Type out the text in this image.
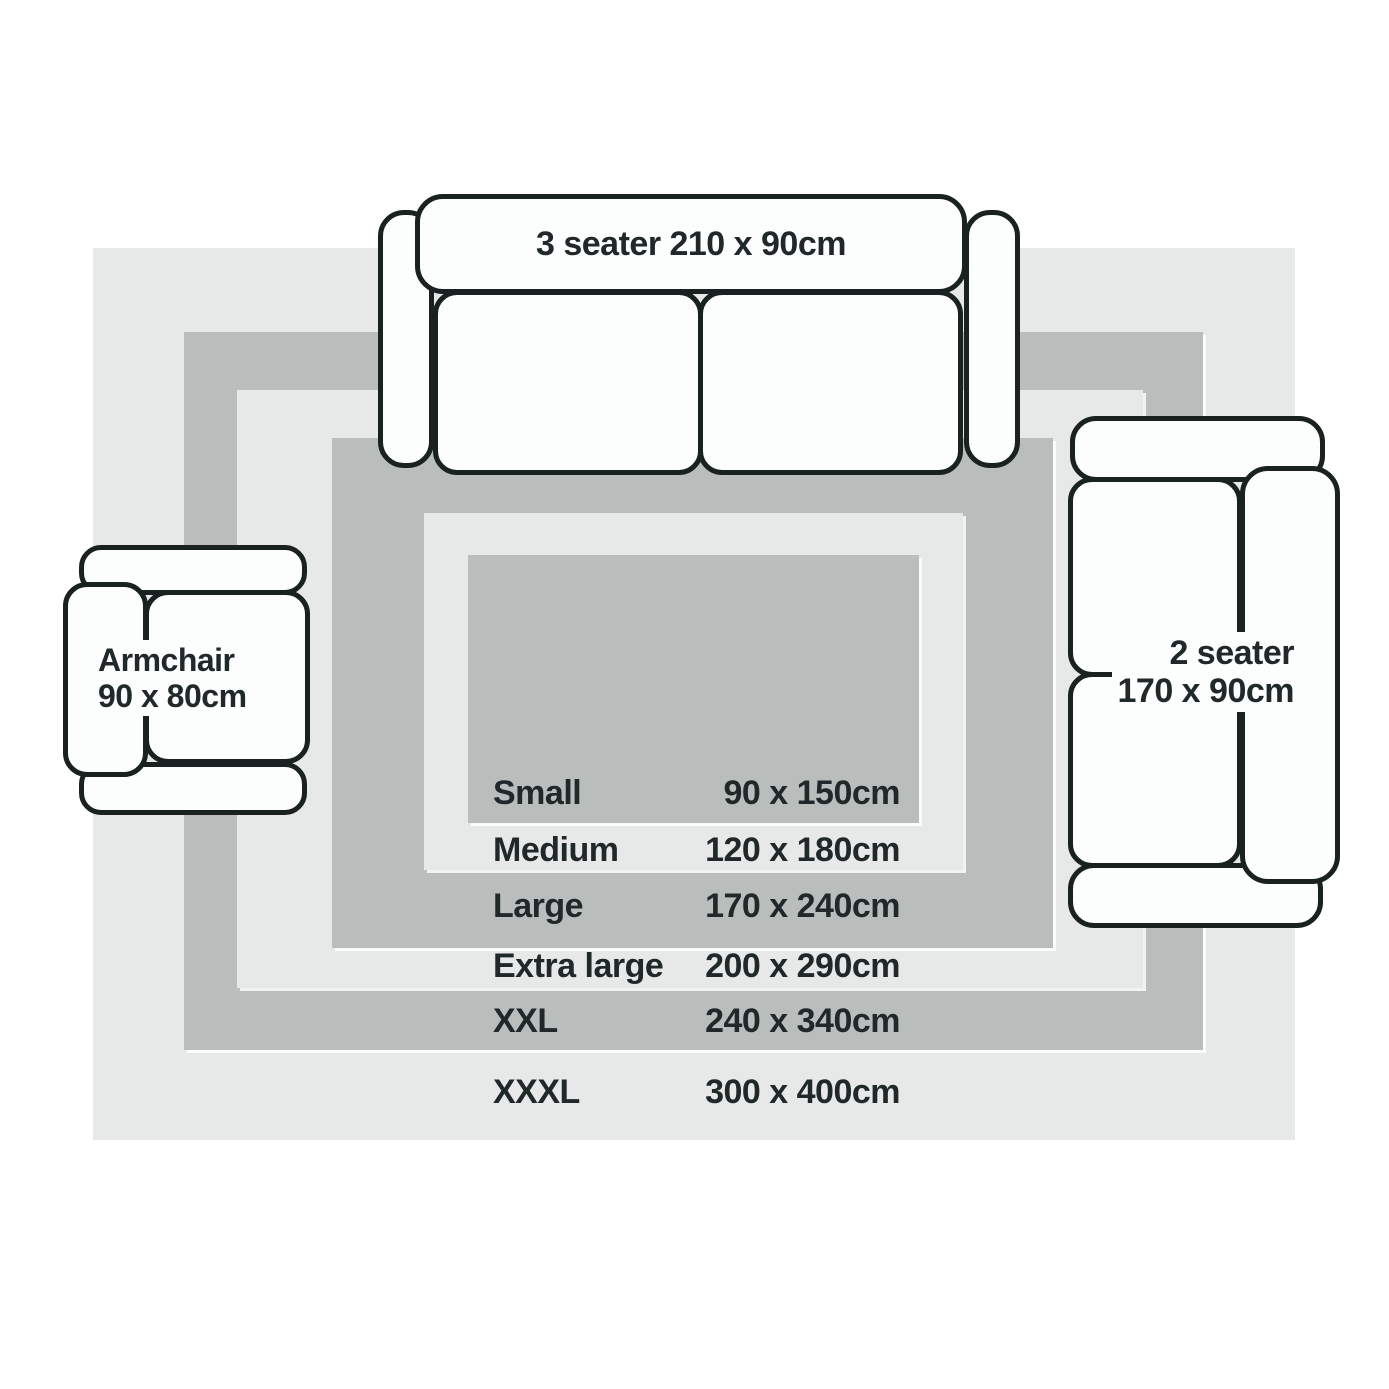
Small	90 x 150cm
Medium	120 x 180cm
Large	170 x 240cm
Extra large 200 x 290cm
XXL	240 x 340cm
XXXL	300 x 400cm
3 seater 210 x 90cm
2 seater
170 x 90cm
Armchair
90 x 80cm
